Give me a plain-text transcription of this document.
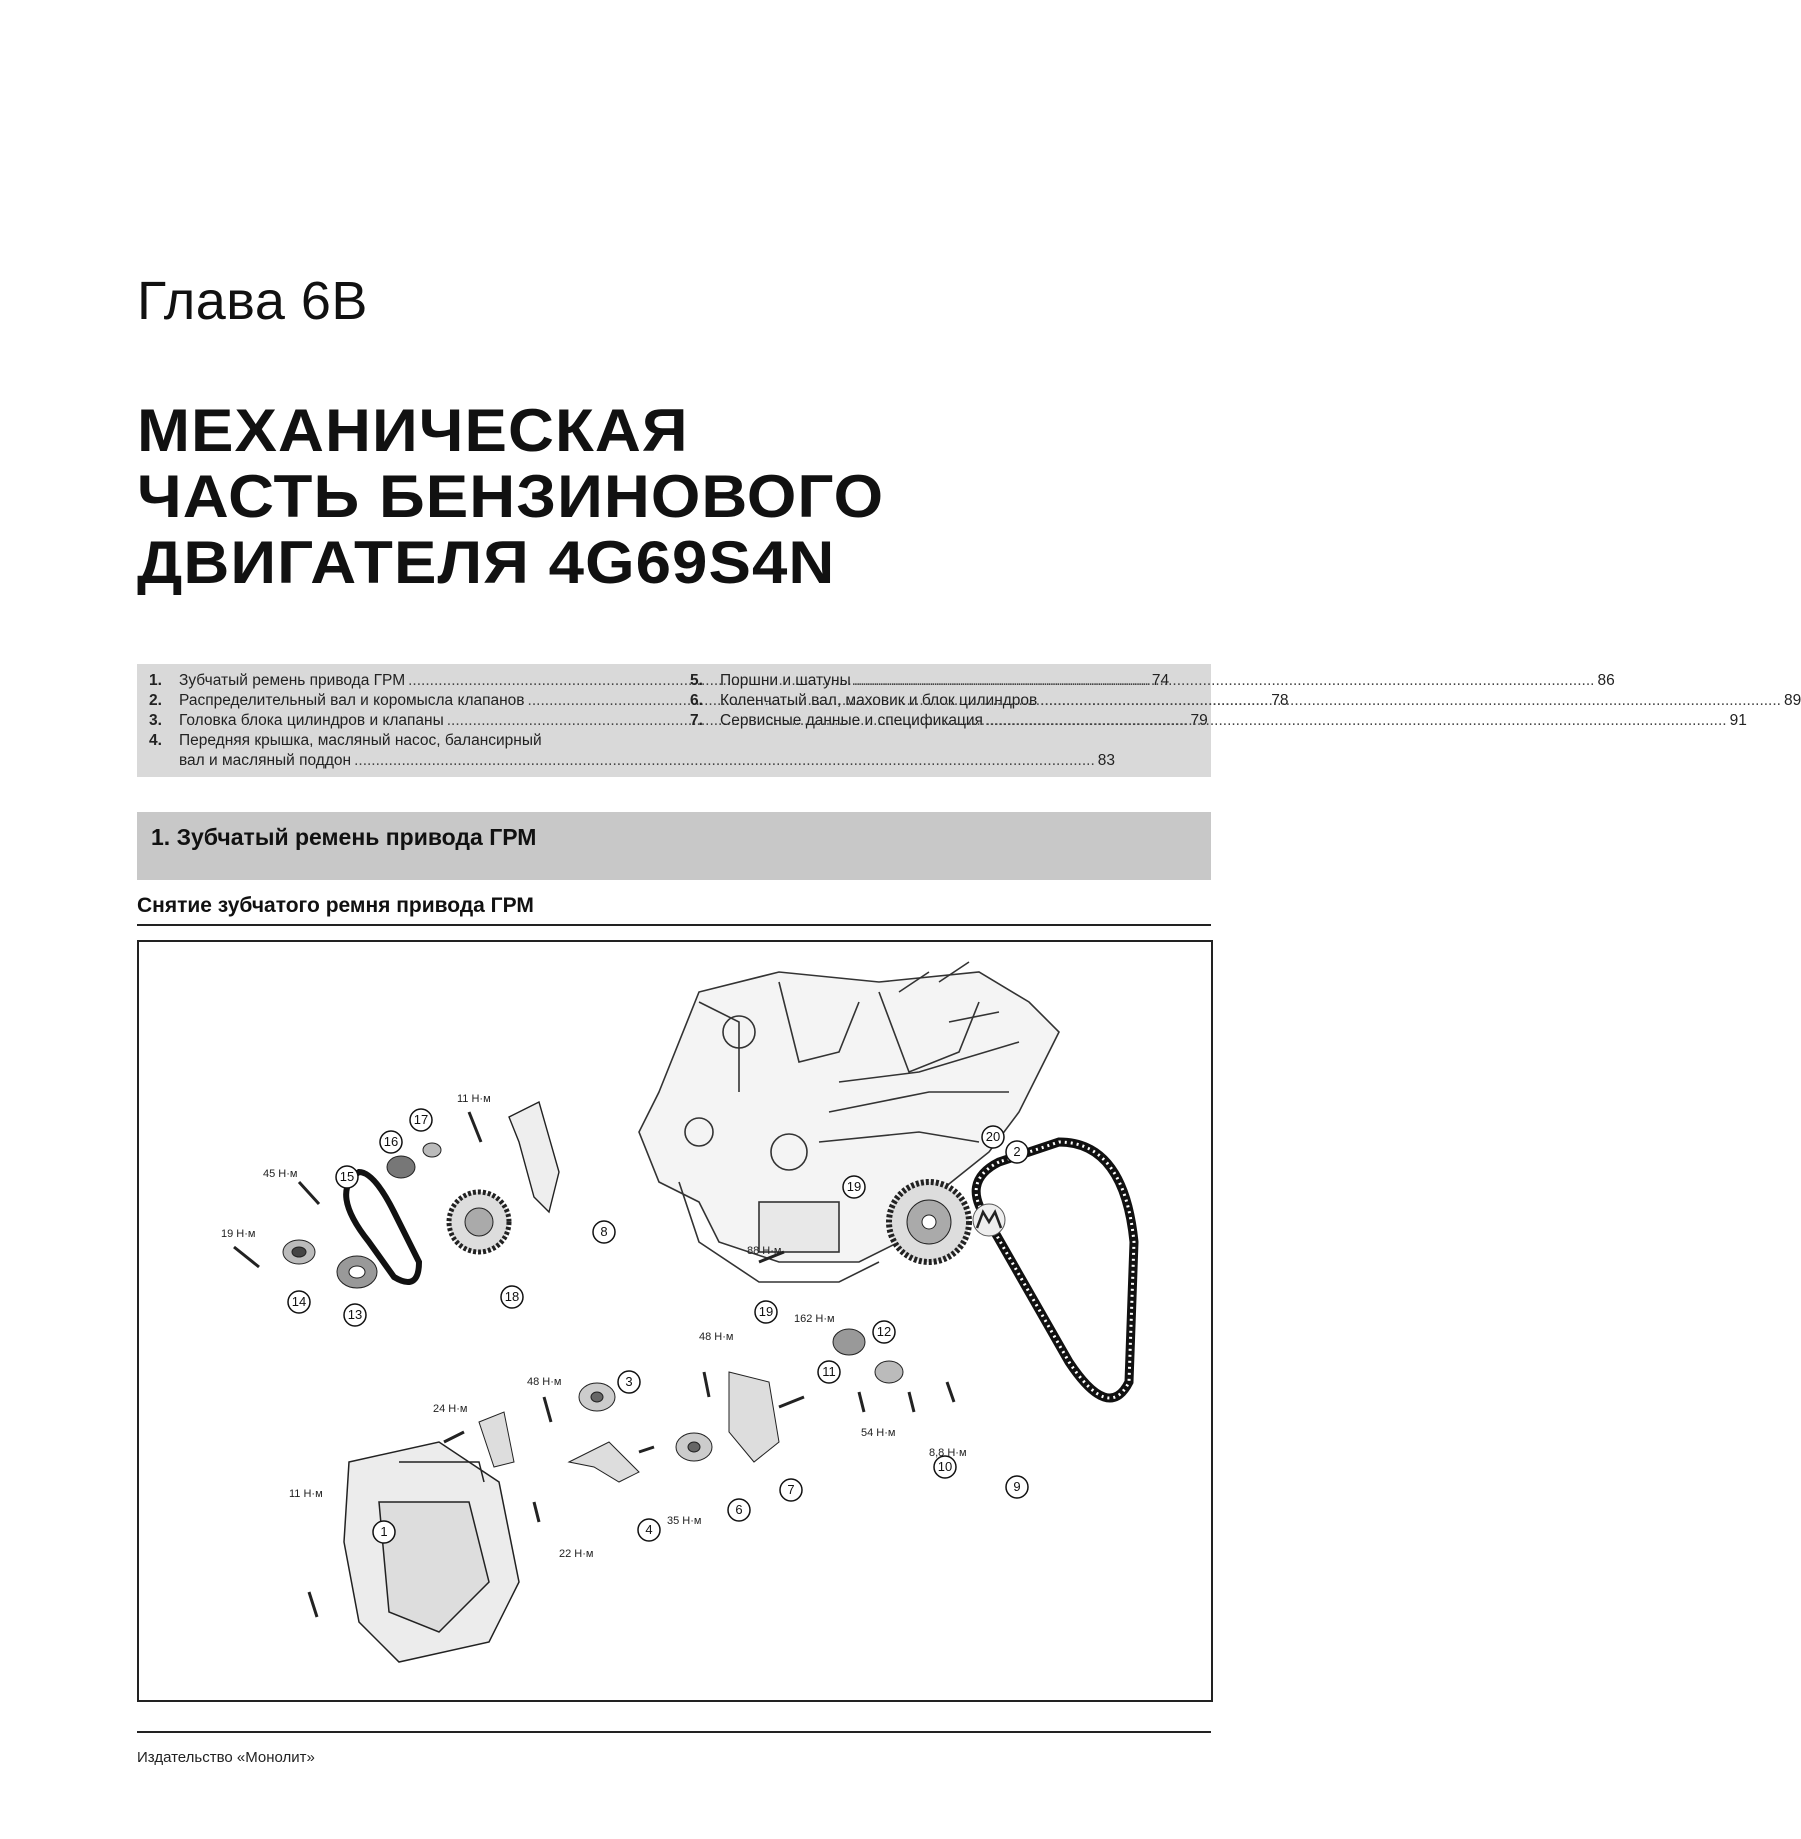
Глава 6В
МЕХАНИЧЕСКАЯ
ЧАСТЬ БЕНЗИНОВОГО
ДВИГАТЕЛЯ 4G69S4N
1.	Зубчатый ремень привода ГРМ .....	74
2.	Распределительный вал и коромысла клапанов .....	78
3.	Головка блока цилиндров и клапаны .....	79
4.	Передняя крышка, масляный насос, балансирный
вал и масляный поддон .....	83
5.	Поршни и шатуны .....	86
6.	Коленчатый вал, маховик и блок цилиндров .....	89
7.	Сервисные данные и спецификация .....	91
1. Зубчатый ремень привода ГРМ
Снятие зубчатого ремня привода ГРМ
1
2
3
4
6
7
8
9
10
11
12
13
14
15
16
17
18
19
19
20
11 Н·м
45 Н·м
19 Н·м
88 Н·м
162 Н·м
48 Н·м
48 Н·м
24 Н·м
11 Н·м
22 Н·м
35 Н·м
54 Н·м
8,8 Н·м
Издательство «Монолит»
